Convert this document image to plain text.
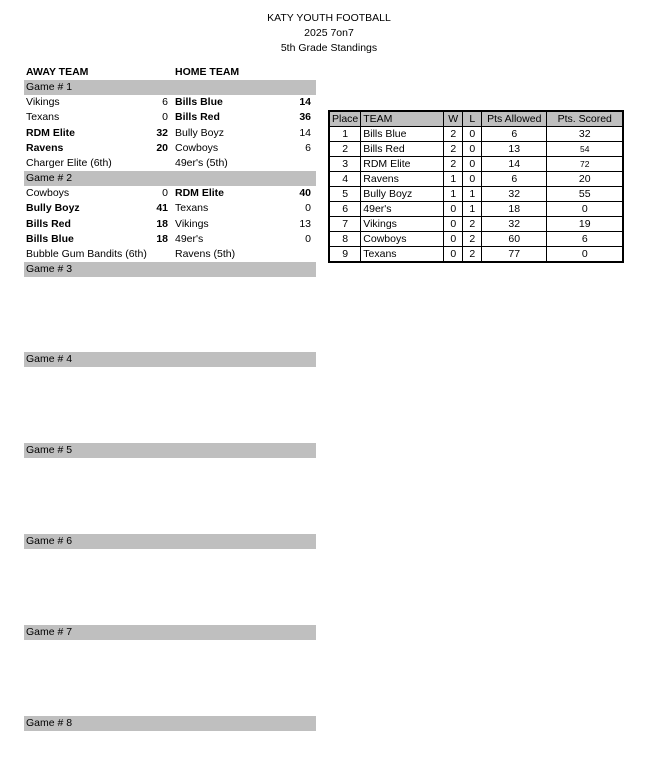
KATY YOUTH FOOTBALL
2025 7on7
5th Grade Standings
AWAY TEAM	HOME TEAM
Game # 1
Vikings	6 Bills Blue	14
Texans	0 Bills Red	36
RDM Elite	32 Bully Boyz	14
Ravens	20 Cowboys	6
Charger Elite (6th)	49er's (5th)
Game # 2
Cowboys	0 RDM Elite	40
Bully Boyz	41 Texans	0
Bills Red	18 Vikings	13
Bills Blue	18 49er's	0
Bubble Gum Bandits (6th)	Ravens (5th)
Game # 3
Game # 4
Game # 5
Game # 6
Game # 7
Game # 8
Place	TEAM	W	L	Pts Allowed	Pts. Scored
1	Bills Blue	2	0	6	32
2	Bills Red	2	0	13	54
3	RDM Elite	2	0	14	72
4	Ravens	1	0	6	20
5	Bully Boyz	1	1	32	55
6	49er's	0	1	18	0
7	Vikings	0	2	32	19
8	Cowboys	0	2	60	6
9	Texans	0	2	77	0
